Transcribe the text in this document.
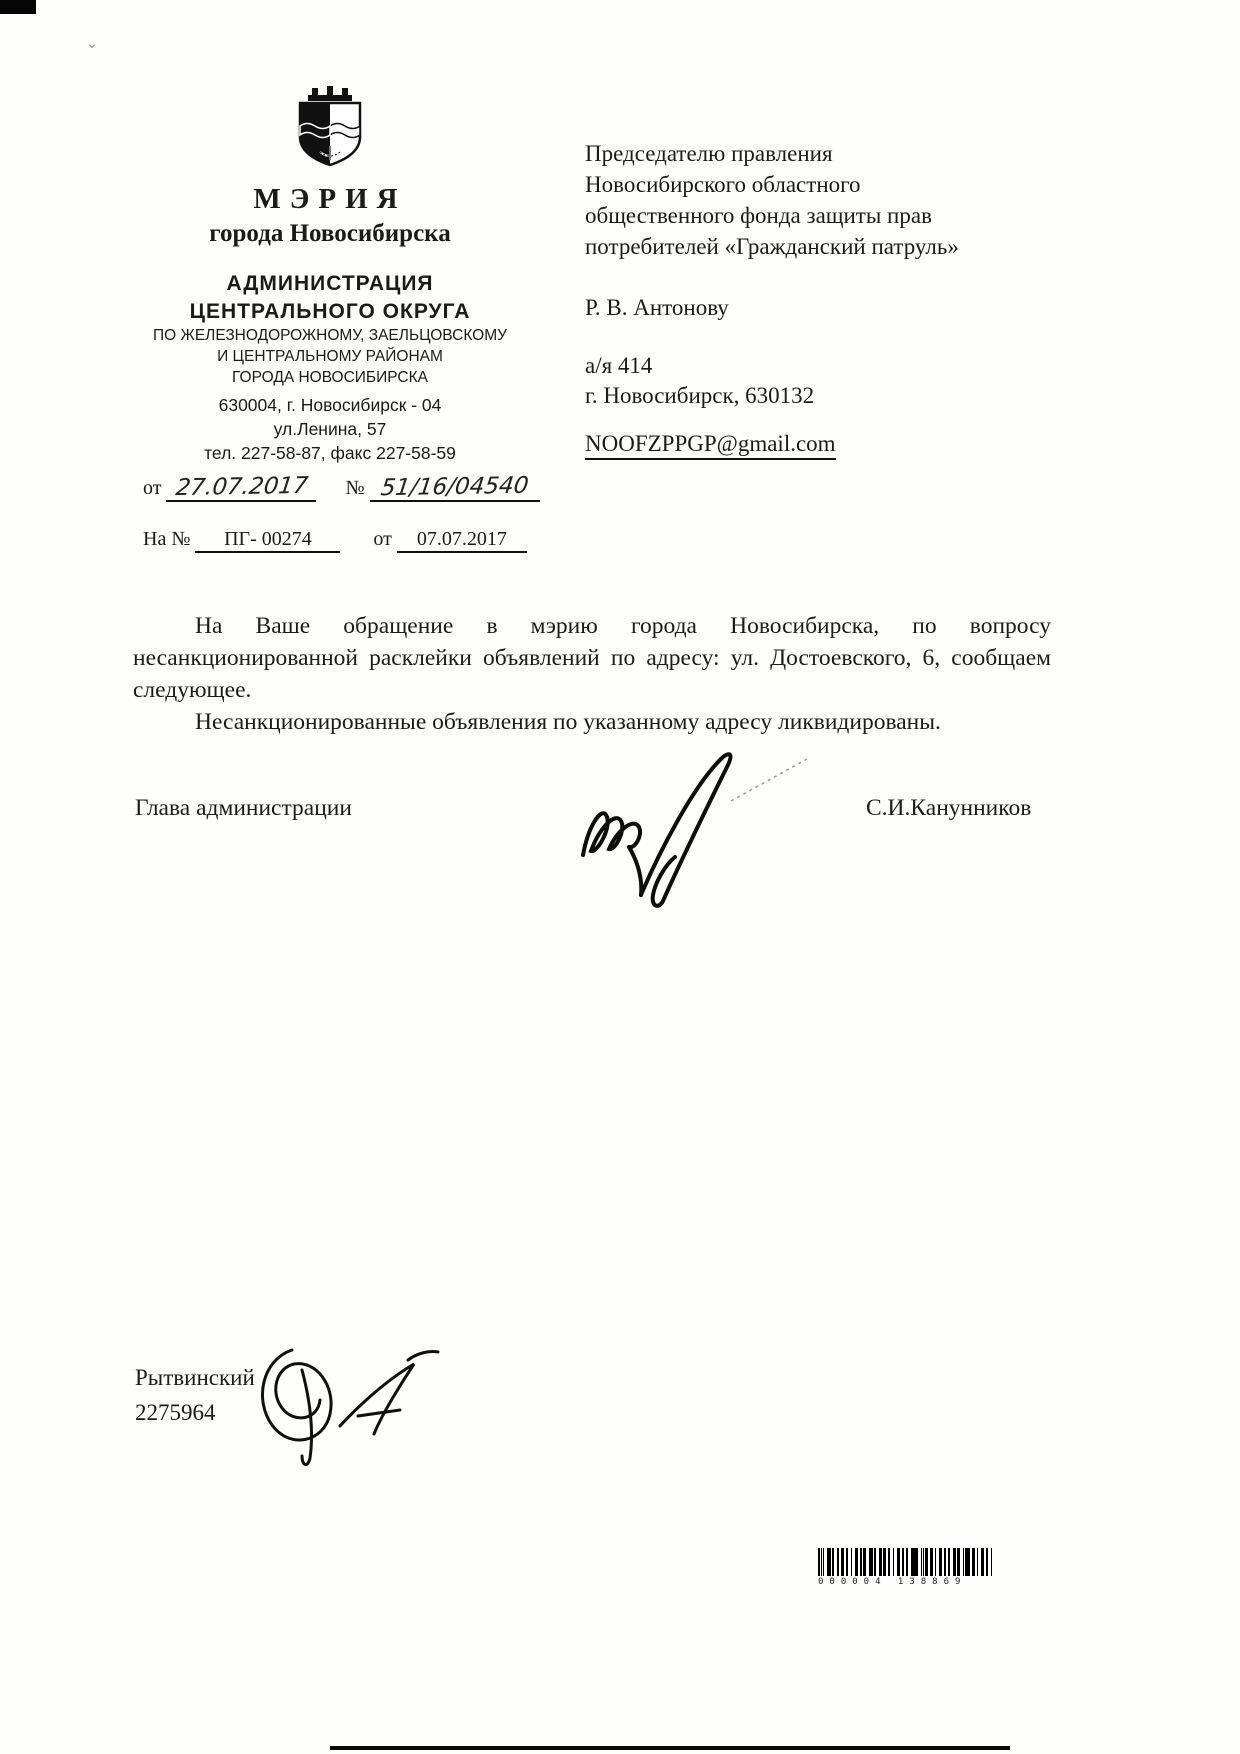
⌄
МЭРИЯ
города Новосибирска
АДМИНИСТРАЦИЯ
ЦЕНТРАЛЬНОГО ОКРУГА
ПО ЖЕЛЕЗНОДОРОЖНОМУ, ЗАЕЛЬЦОВСКОМУ
И ЦЕНТРАЛЬНОМУ РАЙОНАМ
ГОРОДА НОВОСИБИРСКА
630004, г. Новосибирск - 04
ул.Ленина, 57
тел. 227-58-87, факс 227-58-59
от 27.07.2017 № 51/16/04540
На № ПГ- 00274	от 07.07.2017
Председателю правления
Новосибирского областного
общественного фонда защиты прав
потребителей «Гражданский патруль»
Р. В. Антонову
а/я 414
г. Новосибирск, 630132
NOOFZPPGP@gmail.com

На Ваше обращение в мэрию города Новосибирска, по вопросу несанкционированной расклейки объявлений по адресу: ул. Достоевского, 6, сообщаем следующее.

Несанкционированные объявления по указанному адресу ликвидированы.

Глава администрации	С.И.Канунников
Рытвинский
2275964
000004 138869
